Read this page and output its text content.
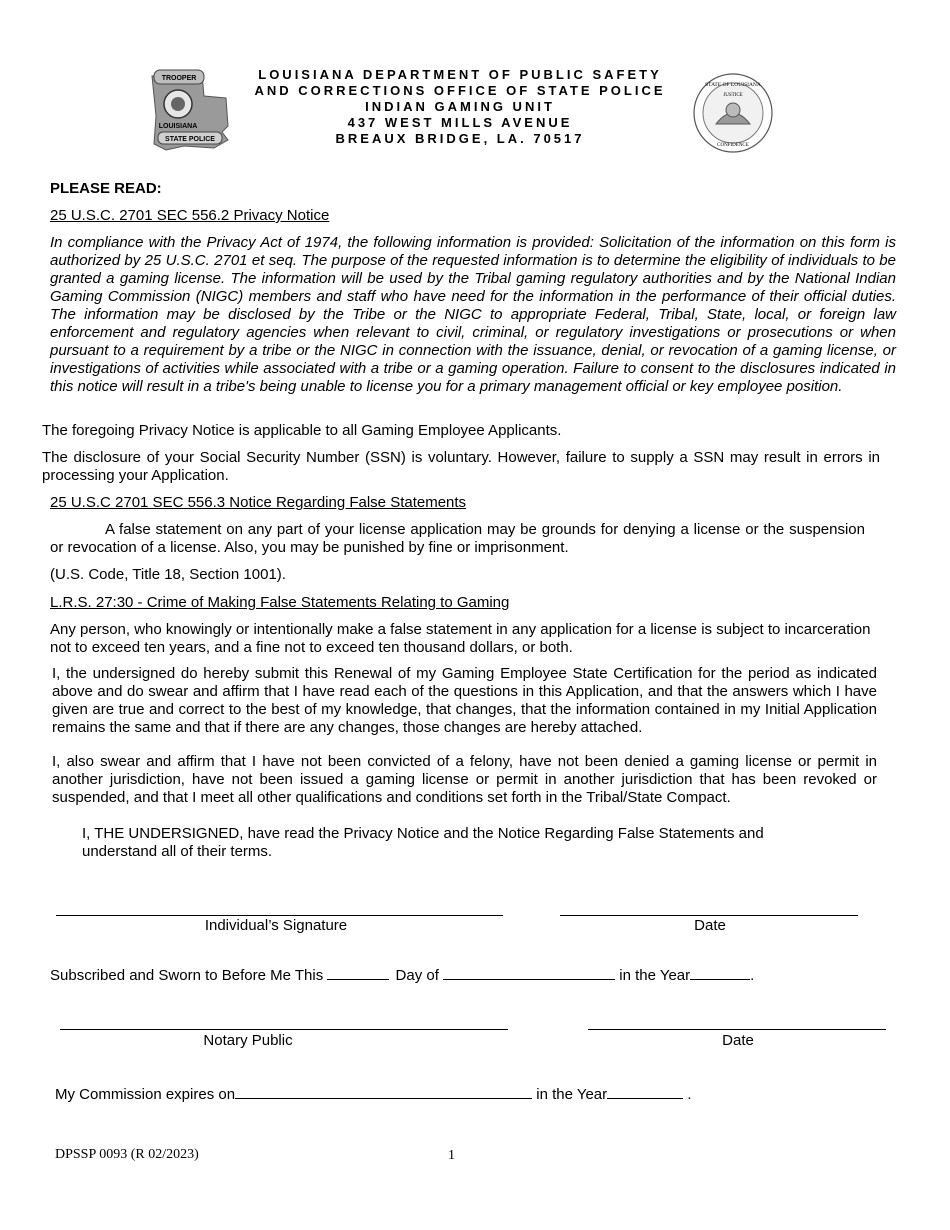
TROOPER
LOUISIANA
STATE POLICE
STATE OF LOUISIANA
JUSTICE
CONFIDENCE
LOUISIANA DEPARTMENT OF PUBLIC SAFETY
AND CORRECTIONS OFFICE OF STATE POLICE
INDIAN GAMING UNIT
437 WEST MILLS AVENUE
BREAUX BRIDGE, LA. 70517
PLEASE READ:
25 U.S.C. 2701 SEC 556.2 Privacy Notice
In compliance with the Privacy Act of 1974, the following information is provided: Solicitation of the information on this form is authorized by 25 U.S.C. 2701 et seq. The purpose of the requested information is to determine the eligibility of individuals to be granted a gaming license. The information will be used by the Tribal gaming regulatory authorities and by the National Indian Gaming Commission (NIGC) members and staff who have need for the information in the performance of their official duties. The information may be disclosed by the Tribe or the NIGC to appropriate Federal, Tribal, State, local, or foreign law enforcement and regulatory agencies when relevant to civil, criminal, or regulatory investigations or prosecutions or when pursuant to a requirement by a tribe or the NIGC in connection with the issuance, denial, or revocation of a gaming license, or investigations of activities while associated with a tribe or a gaming operation. Failure to consent to the disclosures indicated in this notice will result in a tribe's being unable to license you for a primary management official or key employee position.
The foregoing Privacy Notice is applicable to all Gaming Employee Applicants.
The disclosure of your Social Security Number (SSN) is voluntary. However, failure to supply a SSN may result in errors in processing your Application.
25 U.S.C 2701 SEC 556.3 Notice Regarding False Statements
A false statement on any part of your license application may be grounds for denying a license or the suspension or revocation of a license. Also, you may be punished by fine or imprisonment.
(U.S. Code, Title 18, Section 1001).
L.R.S. 27:30 - Crime of Making False Statements Relating to Gaming
Any person, who knowingly or intentionally make a false statement in any application for a license is subject to incarceration not to exceed ten years, and a fine not to exceed ten thousand dollars, or both.
I, the undersigned do hereby submit this Renewal of my Gaming Employee State Certification for the period as indicated above and do swear and affirm that I have read each of the questions in this Application, and that the answers which I have given are true and correct to the best of my knowledge, that changes, that the information contained in my Initial Application remains the same and that if there are any changes, those changes are hereby attached.
I, also swear and affirm that I have not been convicted of a felony, have not been denied a gaming license or permit in another jurisdiction, have not been issued a gaming license or permit in another jurisdiction that has been revoked or suspended, and that I meet all other qualifications and conditions set forth in the Tribal/State Compact.
I, THE UNDERSIGNED, have read the Privacy Notice and the Notice Regarding False Statements and understand all of their terms.
Individual’s Signature	Date
Subscribed and Sworn to Before Me This	Day of	in the Year	.
Notary Public	Date
My Commission expires on	in the Year	.
DPSSP 0093 (R 02/2023)	1
